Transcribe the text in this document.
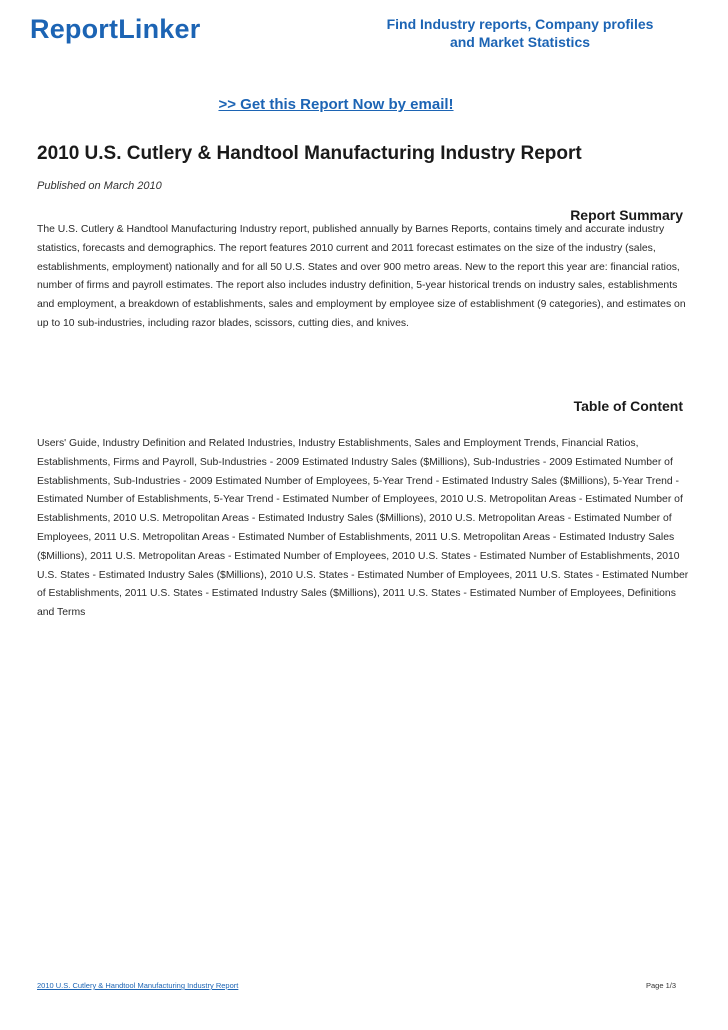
ReportLinker	Find Industry reports, Company profiles
and Market Statistics
>> Get this Report Now by email!
2010 U.S. Cutlery & Handtool Manufacturing Industry Report
Published on March 2010
Report Summary

The U.S. Cutlery & Handtool Manufacturing Industry report, published annually by Barnes Reports, contains timely and accurate industry statistics, forecasts and demographics. The report features 2010 current and 2011 forecast estimates on the size of the industry (sales, establishments, employment) nationally and for all 50 U.S. States and over 900 metro areas. New to the report this year are: financial ratios, number of firms and payroll estimates. The report also includes industry definition, 5-year historical trends on industry sales, establishments and employment, a breakdown of establishments, sales and employment by employee size of establishment (9 categories), and estimates on up to 10 sub-industries, including razor blades, scissors, cutting dies, and knives.

Table of Content

Users' Guide, Industry Definition and Related Industries, Industry Establishments, Sales and Employment Trends, Financial Ratios, Establishments, Firms and Payroll, Sub-Industries - 2009 Estimated Industry Sales ($Millions), Sub-Industries - 2009 Estimated Number of Establishments, Sub-Industries - 2009 Estimated Number of Employees, 5-Year Trend - Estimated Industry Sales ($Millions), 5-Year Trend - Estimated Number of Establishments, 5-Year Trend - Estimated Number of Employees, 2010 U.S. Metropolitan Areas - Estimated Number of Establishments, 2010 U.S. Metropolitan Areas - Estimated Industry Sales ($Millions), 2010 U.S. Metropolitan Areas - Estimated Number of Employees, 2011 U.S. Metropolitan Areas - Estimated Number of Establishments, 2011 U.S. Metropolitan Areas - Estimated Industry Sales ($Millions), 2011 U.S. Metropolitan Areas - Estimated Number of Employees, 2010 U.S. States - Estimated Number of Establishments, 2010 U.S. States - Estimated Industry Sales ($Millions), 2010 U.S. States - Estimated Number of Employees, 2011 U.S. States - Estimated Number of Establishments, 2011 U.S. States - Estimated Industry Sales ($Millions), 2011 U.S. States - Estimated Number of Employees, Definitions and Terms

2010 U.S. Cutlery & Handtool Manufacturing Industry Report	Page 1/3
